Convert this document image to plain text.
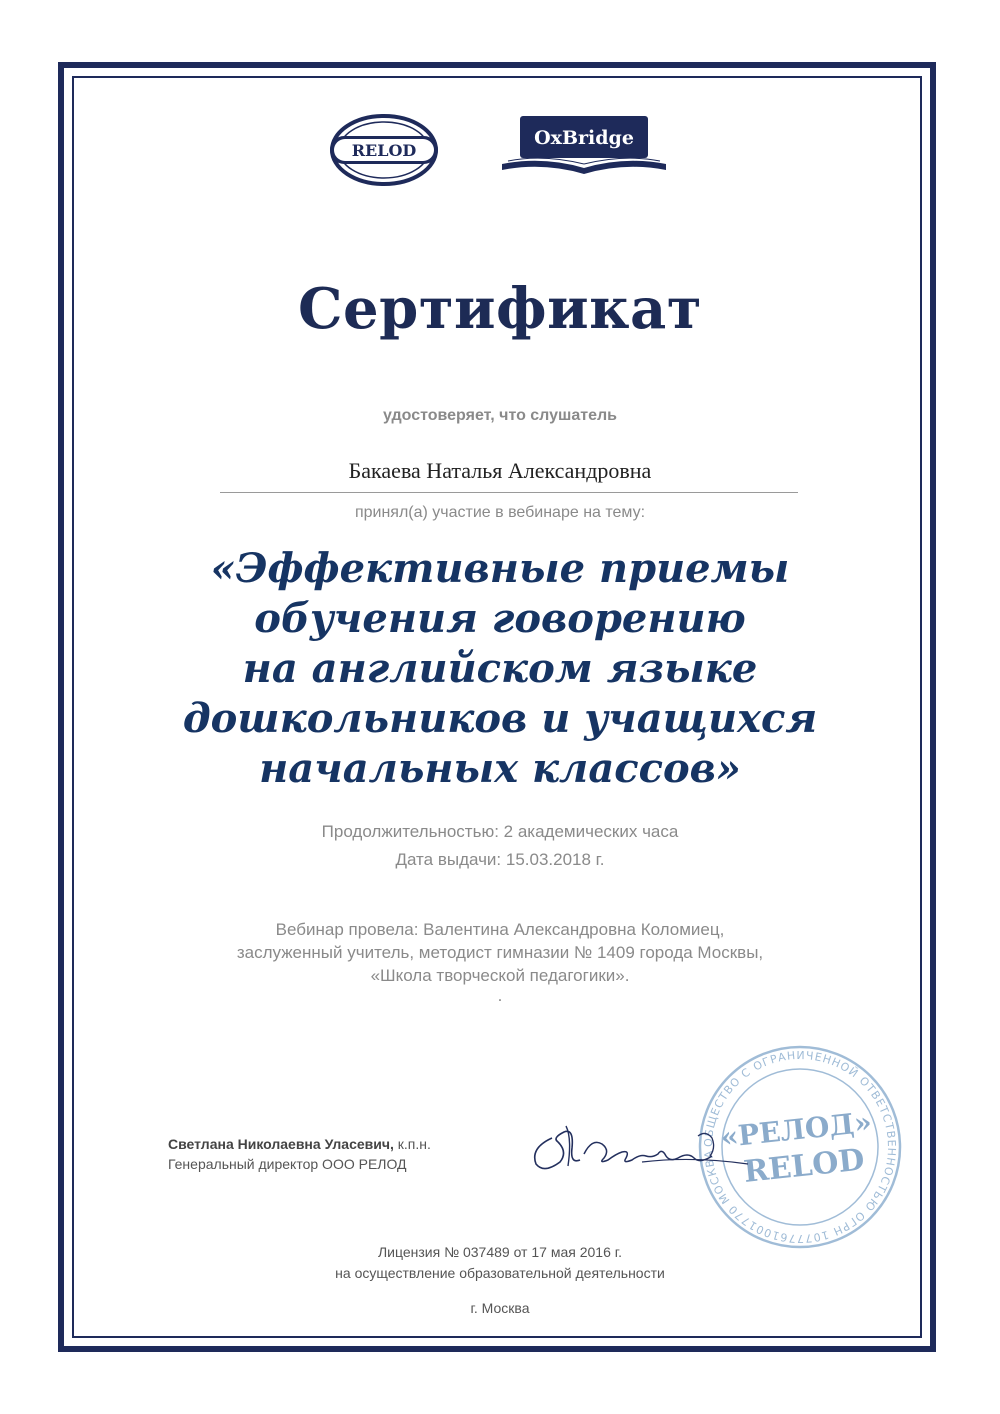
RELOD
OxBridge
Сертификат
удостоверяет, что слушатель
Бакаева Наталья Александровна
принял(а) участие в вебинаре на тему:
«Эффективные приемы
обучения говорению
на английском языке
дошкольников и учащихся
начальных классов»
Продолжительностью: 2 академических часа
Дата выдачи: 15.03.2018 г.
Вебинар провела: Валентина Александровна Коломиец,
заслуженный учитель, методист гимназии № 1409 города Москвы,
«Школа творческой педагогики».
.
Светлана Николаевна Уласевич, к.п.н.
Генеральный директор ООО РЕЛОД
ОБЩЕСТВО С ОГРАНИЧЕННОЙ ОТВЕТСТВЕННОСТЬЮ ОГРН 1077761001770 МОСКВА
«РЕЛОД»
RELOD
Лицензия № 037489 от 17 мая 2016 г.
на осуществление образовательной деятельности
г. Москва
